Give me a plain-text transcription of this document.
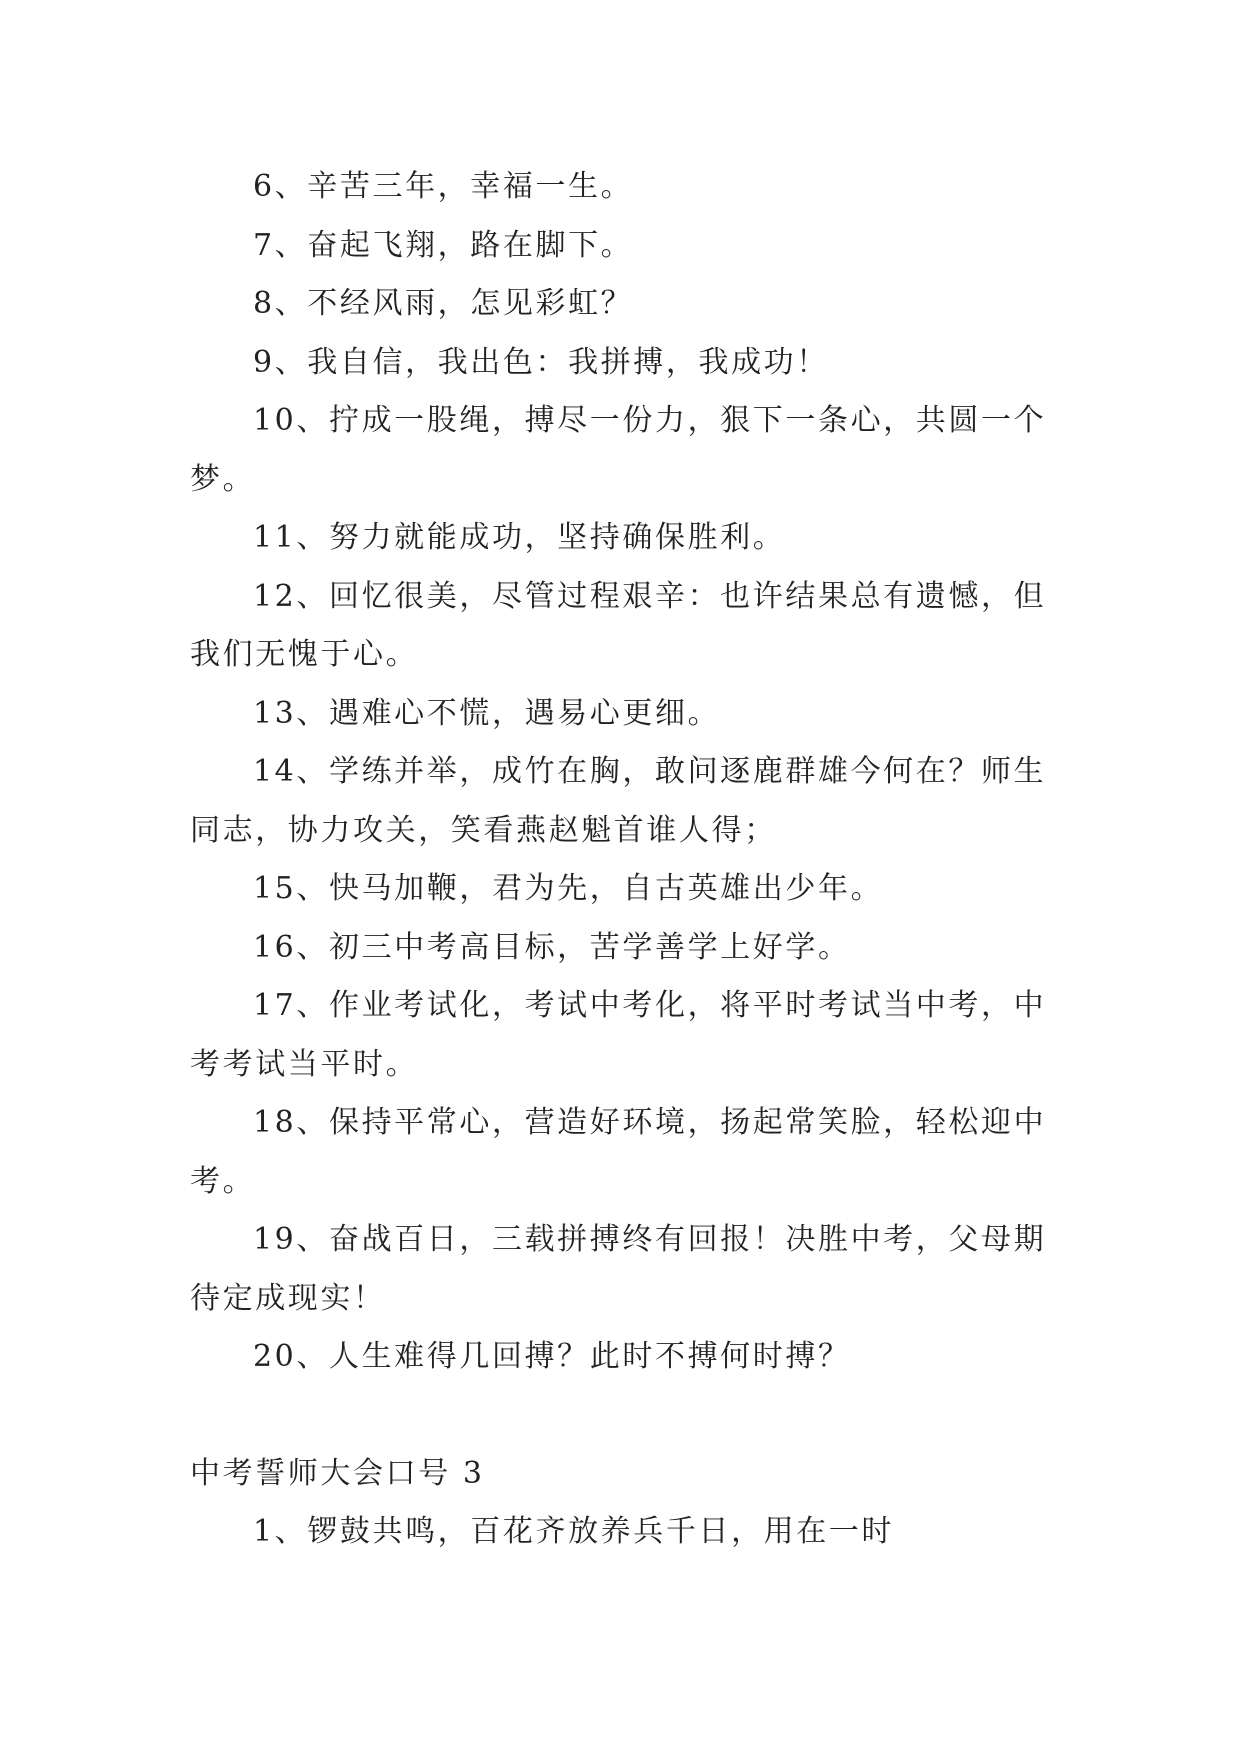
6、辛苦三年，幸福一生。

7、奋起飞翔，路在脚下。

8、不经风雨，怎见彩虹？

9、我自信，我出色：我拼搏，我成功！

10、拧成一股绳，搏尽一份力，狠下一条心，共圆一个梦。

11、努力就能成功，坚持确保胜利。

12、回忆很美，尽管过程艰辛：也许结果总有遗憾，但我们无愧于心。

13、遇难心不慌，遇易心更细。

14、学练并举，成竹在胸，敢问逐鹿群雄今何在？师生同志，协力攻关，笑看燕赵魁首谁人得；

15、快马加鞭，君为先，自古英雄出少年。

16、初三中考高目标，苦学善学上好学。

17、作业考试化，考试中考化，将平时考试当中考，中考考试当平时。

18、保持平常心，营造好环境，扬起常笑脸，轻松迎中考。

19、奋战百日，三载拼搏终有回报！决胜中考，父母期待定成现实！

20、人生难得几回搏？此时不搏何时搏？

中考誓师大会口号 3

1、锣鼓共鸣，百花齐放养兵千日，用在一时
